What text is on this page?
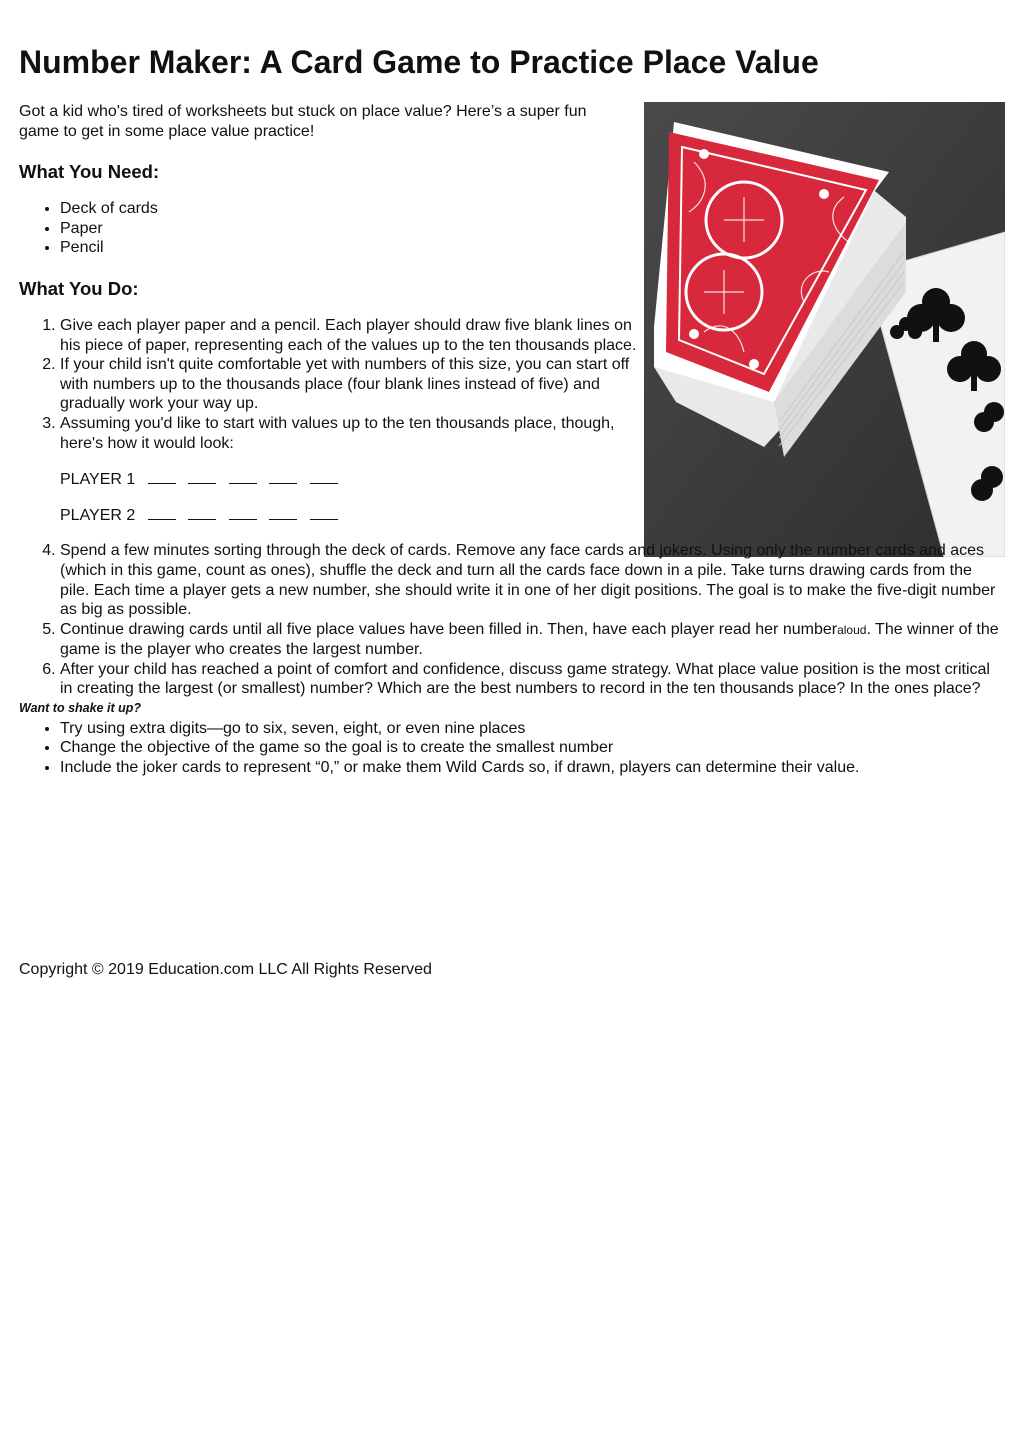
Number Maker: A Card Game to Practice Place Value

Got a kid who's tired of worksheets but stuck on place value? Here’s a super fun game to get in some place value practice!

What You Need:
• Deck of cards
• Paper
• Pencil
What You Do:
1. Give each player paper and a pencil. Each player should draw five blank lines on his piece of paper, representing each of the values up to the ten thousands place.
2. If your child isn't quite comfortable yet with numbers of this size, you can start off with numbers up to the thousands place (four blank lines instead of five) and gradually work your way up.
3. Assuming you'd like to start with values up to the ten thousands place, though, here's how it would look:
PLAYER 1
PLAYER 2
4. Spend a few minutes sorting through the deck of cards. Remove any face cards and jokers. Using only the number cards and aces (which in this game, count as ones), shuffle the deck and turn all the cards face down in a pile. Take turns drawing cards from the pile. Each time a player gets a new number, she should write it in one of her digit positions. The goal is to make the five-digit number as big as possible.
5. Continue drawing cards until all five place values have been filled in. Then, have each player read her numberaloud. The winner of the game is the player who creates the largest number.
6. After your child has reached a point of comfort and confidence, discuss game strategy. What place value position is the most critical in creating the largest (or smallest) number? Which are the best numbers to record in the ten thousands place? In the ones place?

Want to shake it up?

• Try using extra digits—go to six, seven, eight, or even nine places
• Change the objective of the game so the goal is to create the smallest number
• Include the joker cards to represent “0,” or make them Wild Cards so, if drawn, players can determine their value.
Copyright © 2019 Education.com LLC All Rights Reserved
